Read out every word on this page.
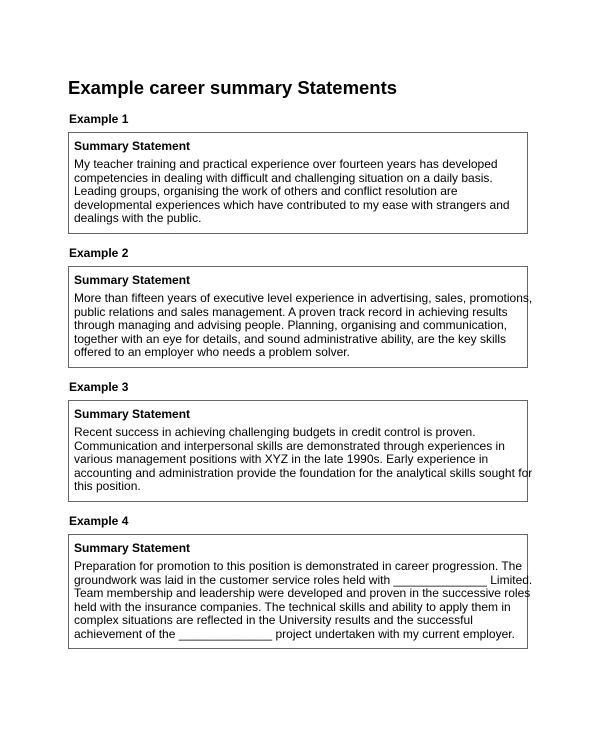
Example career summary Statements
Example 1
Summary Statement
My teacher training and practical experience over fourteen years has developed
competencies in dealing with difficult and challenging situation on a daily basis.
Leading groups, organising the work of others and conflict resolution are
developmental experiences which have contributed to my ease with strangers and
dealings with the public.
Example 2
Summary Statement
More than fifteen years of executive level experience in advertising, sales, promotions,
public relations and sales management. A proven track record in achieving results
through managing and advising people. Planning, organising and communication,
together with an eye for details, and sound administrative ability, are the key skills
offered to an employer who needs a problem solver.
Example 3
Summary Statement
Recent success in achieving challenging budgets in credit control is proven.
Communication and interpersonal skills are demonstrated through experiences in
various management positions with XYZ in the late 1990s. Early experience in
accounting and administration provide the foundation for the analytical skills sought for
this position.
Example 4
Summary Statement
Preparation for promotion to this position is demonstrated in career progression. The
groundwork was laid in the customer service roles held with ______________ Limited.
Team membership and leadership were developed and proven in the successive roles
held with the insurance companies. The technical skills and ability to apply them in
complex situations are reflected in the University results and the successful
achievement of the ______________ project undertaken with my current employer.
